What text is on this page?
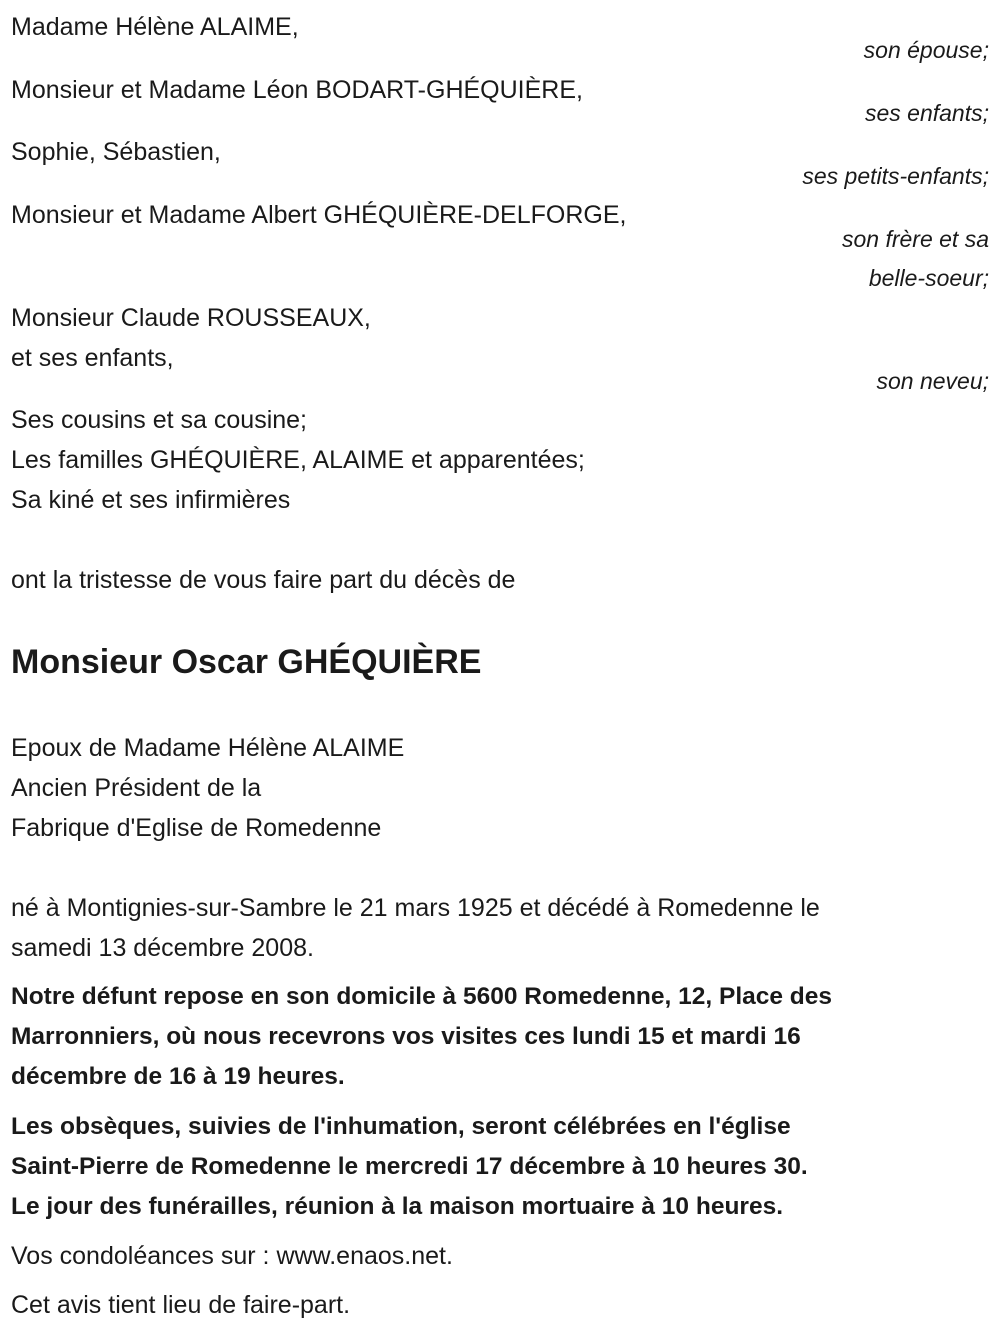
Madame Hélène ALAIME,
son épouse;
Monsieur et Madame Léon BODART-GHÉQUIÈRE,
ses enfants;
Sophie, Sébastien,
ses petits-enfants;
Monsieur et Madame Albert GHÉQUIÈRE-DELFORGE,
son frère et sa
belle-soeur;
Monsieur Claude ROUSSEAUX,
et ses enfants,
son neveu;
Ses cousins et sa cousine;
Les familles GHÉQUIÈRE, ALAIME et apparentées;
Sa kiné et ses infirmières
ont la tristesse de vous faire part du décès de
Monsieur Oscar GHÉQUIÈRE
Epoux de Madame Hélène ALAIME
Ancien Président de la
Fabrique d'Eglise de Romedenne
né à Montignies-sur-Sambre le 21 mars 1925 et décédé à Romedenne le
samedi 13 décembre 2008.
Notre défunt repose en son domicile à 5600 Romedenne, 12, Place des
Marronniers, où nous recevrons vos visites ces lundi 15 et mardi 16
décembre de 16 à 19 heures.
Les obsèques, suivies de l'inhumation, seront célébrées en l'église
Saint-Pierre de Romedenne le mercredi 17 décembre à 10 heures 30.
Le jour des funérailles, réunion à la maison mortuaire à 10 heures.
Vos condoléances sur : www.enaos.net.
Cet avis tient lieu de faire-part.
